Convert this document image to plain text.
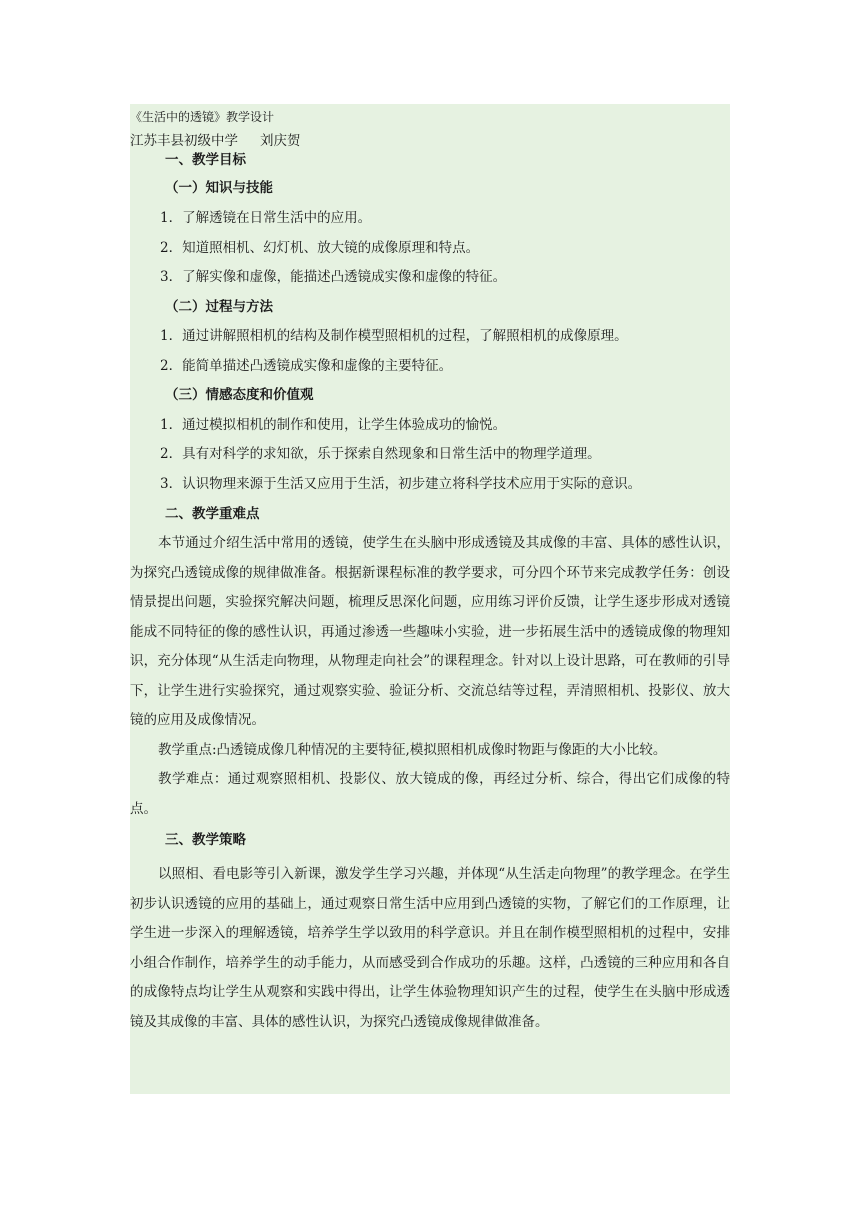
《生活中的透镜》教学设计

江苏丰县初级中学 刘庆贺

一、教学目标

（一）知识与技能

1．了解透镜在日常生活中的应用。

2．知道照相机、幻灯机、放大镜的成像原理和特点。

3．了解实像和虚像，能描述凸透镜成实像和虚像的特征。

（二）过程与方法

1．通过讲解照相机的结构及制作模型照相机的过程，了解照相机的成像原理。

2．能简单描述凸透镜成实像和虚像的主要特征。

（三）情感态度和价值观

1．通过模拟相机的制作和使用，让学生体验成功的愉悦。

2．具有对科学的求知欲，乐于探索自然现象和日常生活中的物理学道理。

3．认识物理来源于生活又应用于生活，初步建立将科学技术应用于实际的意识。

二、教学重难点

本节通过介绍生活中常用的透镜，使学生在头脑中形成透镜及其成像的丰富、具体的感性认识，为探究凸透镜成像的规律做准备。根据新课程标准的教学要求，可分四个环节来完成教学任务：创设情景提出问题，实验探究解决问题，梳理反思深化问题，应用练习评价反馈，让学生逐步形成对透镜能成不同特征的像的感性认识，再通过渗透一些趣味小实验，进一步拓展生活中的透镜成像的物理知识，充分体现“从生活走向物理，从物理走向社会”的课程理念。针对以上设计思路，可在教师的引导下，让学生进行实验探究，通过观察实验、验证分析、交流总结等过程，弄清照相机、投影仪、放大镜的应用及成像情况。

教学重点:凸透镜成像几种情况的主要特征,模拟照相机成像时物距与像距的大小比较。

教学难点：通过观察照相机、投影仪、放大镜成的像，再经过分析、综合，得出它们成像的特点。

三、教学策略

以照相、看电影等引入新课，激发学生学习兴趣，并体现“从生活走向物理”的教学理念。在学生初步认识透镜的应用的基础上，通过观察日常生活中应用到凸透镜的实物，了解它们的工作原理，让学生进一步深入的理解透镜，培养学生学以致用的科学意识。并且在制作模型照相机的过程中，安排小组合作制作，培养学生的动手能力，从而感受到合作成功的乐趣。这样，凸透镜的三种应用和各自的成像特点均让学生从观察和实践中得出，让学生体验物理知识产生的过程，使学生在头脑中形成透镜及其成像的丰富、具体的感性认识，为探究凸透镜成像规律做准备。
